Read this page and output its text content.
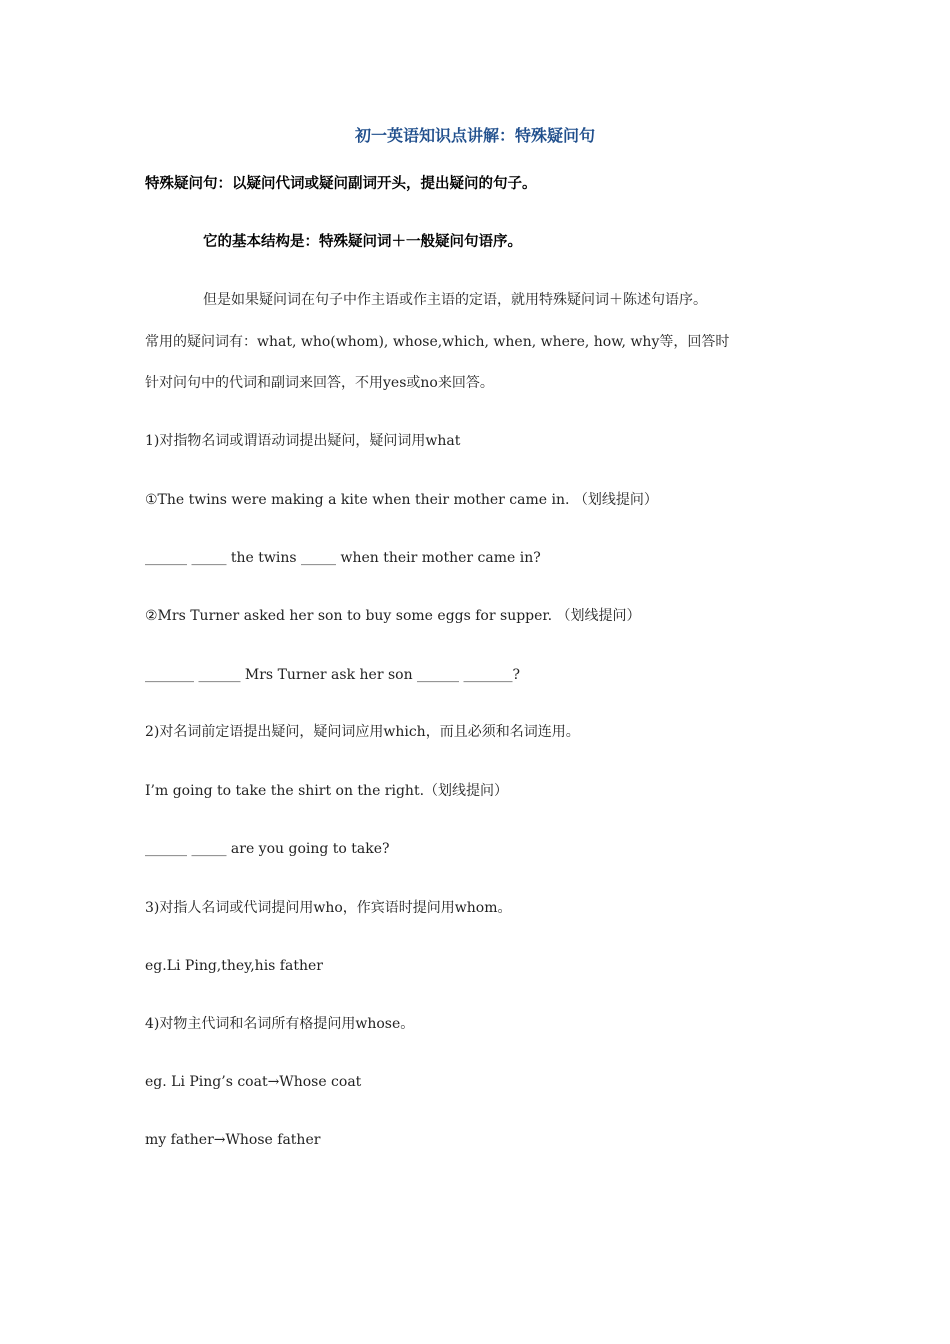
初一英语知识点讲解：特殊疑问句
特殊疑问句：以疑问代词或疑问副词开头，提出疑问的句子。
它的基本结构是：特殊疑问词＋一般疑问句语序。
但是如果疑问词在句子中作主语或作主语的定语，就用特殊疑问词＋陈述句语序。
常用的疑问词有：what, who(whom), whose,which, when, where, how, why等，回答时
针对问句中的代词和副词来回答，不用yes或no来回答。
1)对指物名词或谓语动词提出疑问，疑问词用what
①The twins were making a kite when their mother came in. （划线提问）
______ _____ the twins _____ when their mother came in?
②Mrs Turner asked her son to buy some eggs for supper. （划线提问）
_______ ______ Mrs Turner ask her son ______ _______?
2)对名词前定语提出疑问，疑问词应用which，而且必须和名词连用。
I’m going to take the shirt on the right.（划线提问）
______ _____ are you going to take?
3)对指人名词或代词提问用who，作宾语时提问用whom。
eg.Li Ping,they,his father
4)对物主代词和名词所有格提问用whose。
eg. Li Ping’s coat→Whose coat
my father→Whose father
